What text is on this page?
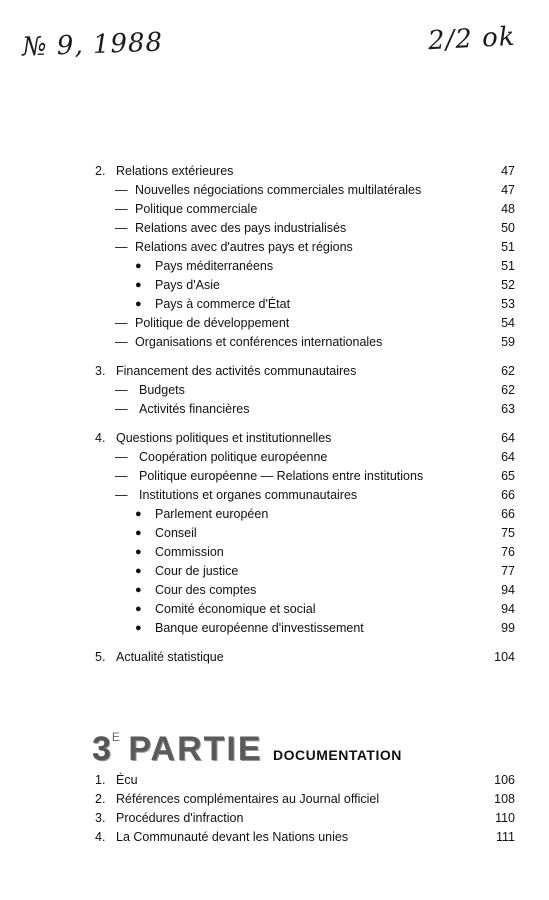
№ 9, 1988	2/2 ok
2. Relations extérieures	47
— Nouvelles négociations commerciales multilatérales	47
— Politique commerciale	48
— Relations avec des pays industrialisés	50
— Relations avec d'autres pays et régions	51
● Pays méditerranéens	51
● Pays d'Asie	52
● Pays à commerce d'État	53
— Politique de développement	54
— Organisations et conférences internationales	59
3. Financement des activités communautaires	62
— Budgets	62
— Activités financières	63
4. Questions politiques et institutionnelles	64
— Coopération politique européenne	64
— Politique européenne — Relations entre institutions	65
— Institutions et organes communautaires	66
● Parlement européen	66
● Conseil	75
● Commission	76
● Cour de justice	77
● Cour des comptes	94
● Comité économique et social	94
● Banque européenne d'investissement	99
5. Actualité statistique	104
$3^E$ PARTIE DOCUMENTATION
1. Écu	106
2. Références complémentaires au Journal officiel	108
3. Procédures d'infraction	110
4. La Communauté devant les Nations unies	111
